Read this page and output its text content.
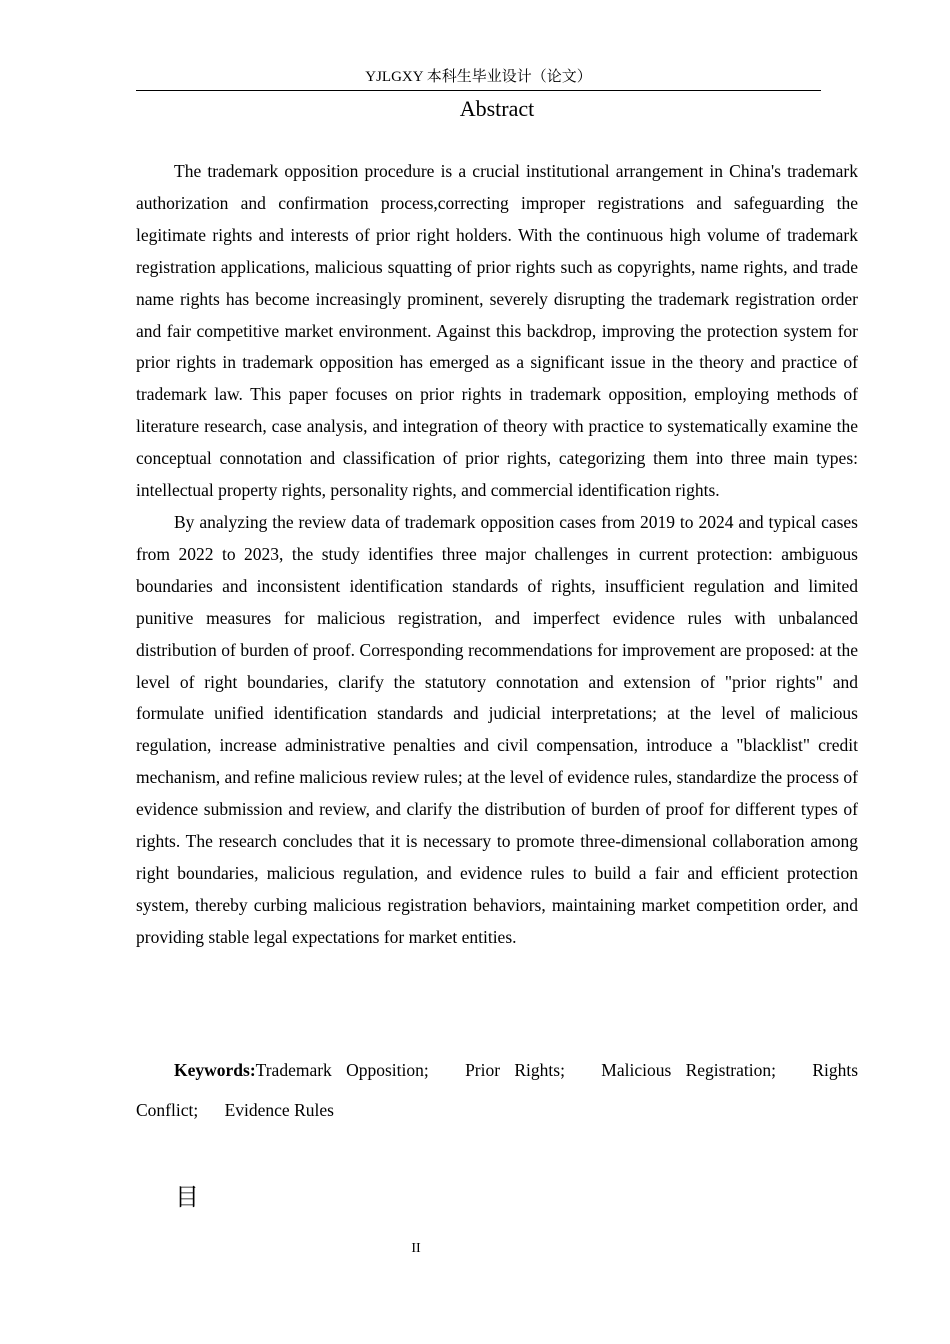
YJLGXY 本科生毕业设计（论文）
Abstract

The trademark opposition procedure is a crucial institutional arrangement in China's trademark authorization and confirmation process,correcting improper registrations and safeguarding the legitimate rights and interests of prior right holders. With the continuous high volume of trademark registration applications, malicious squatting of prior rights such as copyrights, name rights, and trade name rights has become increasingly prominent, severely disrupting the trademark registration order and fair competitive market environment. Against this backdrop, improving the protection system for prior rights in trademark opposition has emerged as a significant issue in the theory and practice of trademark law. This paper focuses on prior rights in trademark opposition, employing methods of literature research, case analysis, and integration of theory with practice to systematically examine the conceptual connotation and classification of prior rights, categorizing them into three main types: intellectual property rights, personality rights, and commercial identification rights.

By analyzing the review data of trademark opposition cases from 2019 to 2024 and typical cases from 2022 to 2023, the study identifies three major challenges in current protection: ambiguous boundaries and inconsistent identification standards of rights, insufficient regulation and limited punitive measures for malicious registration, and imperfect evidence rules with unbalanced distribution of burden of proof. Corresponding recommendations for improvement are proposed: at the level of right boundaries, clarify the statutory connotation and extension of "prior rights" and formulate unified identification standards and judicial interpretations; at the level of malicious regulation, increase administrative penalties and civil compensation, introduce a "blacklist" credit mechanism, and refine malicious review rules; at the level of evidence rules, standardize the process of evidence submission and review, and clarify the distribution of burden of proof for different types of rights. The research concludes that it is necessary to promote three-dimensional collaboration among right boundaries, malicious regulation, and evidence rules to build a fair and efficient protection system, thereby curbing malicious registration behaviors, maintaining market competition order, and providing stable legal expectations for market entities.

Keywords:Trademark Opposition; Prior Rights; Malicious Registration; Rights Conflict; Evidence Rules
目
II
